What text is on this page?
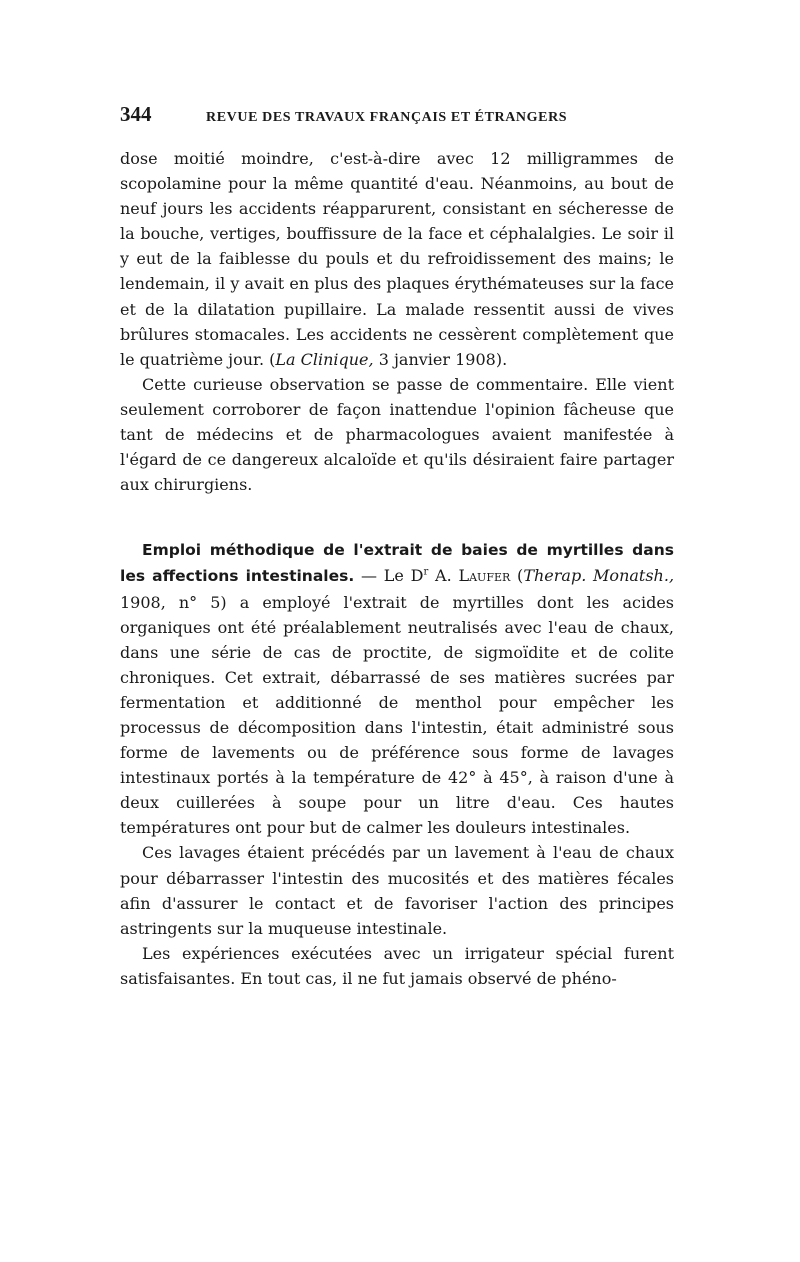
344	REVUE DES TRAVAUX FRANÇAIS ET ÉTRANGERS

dose moitié moindre, c'est-à-dire avec 12 milligrammes de scopolamine pour la même quantité d'eau. Néanmoins, au bout de neuf jours les accidents réapparurent, consistant en sécheresse de la bouche, vertiges, bouffissure de la face et céphalalgies. Le soir il y eut de la faiblesse du pouls et du refroidissement des mains; le lendemain, il y avait en plus des plaques érythémateuses sur la face et de la dilatation pupillaire. La malade ressentit aussi de vives brûlures stomacales. Les accidents ne cessèrent complètement que le quatrième jour. (La Clinique, 3 janvier 1908).

Cette curieuse observation se passe de commentaire. Elle vient seulement corroborer de façon inattendue l'opinion fâcheuse que tant de médecins et de pharmacologues avaient manifestée à l'égard de ce dangereux alcaloïde et qu'ils désiraient faire partager aux chirurgiens.

Emploi méthodique de l'extrait de baies de myrtilles dans les affections intestinales. — Le $D^r$ A. Laufer (Therap. Monatsh., 1908, n° 5) a employé l'extrait de myrtilles dont les acides organiques ont été préalablement neutralisés avec l'eau de chaux, dans une série de cas de proctite, de sigmoïdite et de colite chroniques. Cet extrait, débarrassé de ses matières sucrées par fermentation et additionné de menthol pour empêcher les processus de décomposition dans l'intestin, était administré sous forme de lavements ou de préférence sous forme de lavages intestinaux portés à la température de 42° à 45°, à raison d'une à deux cuillerées à soupe pour un litre d'eau. Ces hautes températures ont pour but de calmer les douleurs intestinales.

Ces lavages étaient précédés par un lavement à l'eau de chaux pour débarrasser l'intestin des mucosités et des matières fécales afin d'assurer le contact et de favoriser l'action des principes astringents sur la muqueuse intestinale.

Les expériences exécutées avec un irrigateur spécial furent satisfaisantes. En tout cas, il ne fut jamais observé de phéno-
